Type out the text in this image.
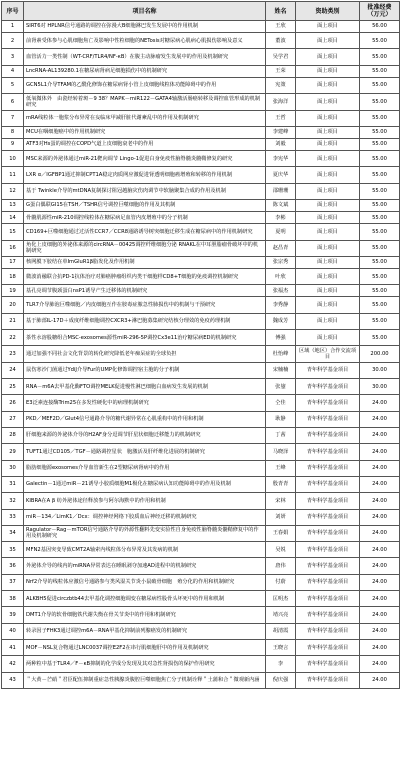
序号	项目名称	姓名	资助类别	批准经费（万元）
1	SIRT6对 HPLNR信号通路的调控在弥漫大B细胞淋巴发生发展中的作用机制	王欣	面上项目	56.00
2	前肾素受体参与心肌细胞焦亡及影响中性粒细胞的NETosis对糖尿病心肌病心肌损伤影响及意义	董波	面上项目	55.00
3	血管活力一类性制（WT-CRF/TLR4/NF-κB）在腹主动脉瘤发生发展中的作用及机制研究	吴学君	面上项目	55.00
4	LncRNA-AL139280.1在糖尿病肾病足细胞损伤中的机制研究	王荣	面上项目	55.00
5	GCN5L1介导TFAM的乙酰化修饰在糖尿病肾小管上皮细胞线粒体功能障碍中的作用	宪策	面上项目	55.00
6	低氧微体外　由瓷经转着斑－9 38？MAPK－miR122－GATA4轴激活肠癌转移及调控血管形成的机制研究	张海洋	面上项目	55.00
7	mRA线粒体一胞浆分布异常在妄临床甲减肝脏代谢紊乱中的作用及机制研究	王哲	面上项目	55.00
8	MCU在咽细胞癌中的作用机制研究	李建峰	面上项目	55.00
9	ATF3对Hs蛋的调控在COPD气道上皮细胞衰老中的作用	刘毅	面上项目	55.00
10	MSC来源的外泌体通过miR-21靶向调节 Lingo-1促进白身免疫性脑脊髓炎髓鞘修复的研究	李宪华	面上项目	55.00
11	LXR α／IGFBP1通过抑制CPT1A稳定肉质网应激促进肾透明细胞癌增殖和转移的作用机制	夏庆华	面上项目	55.00
12	基于 Twinkle介导的mtDNA复制探讨阻冠越脑灾伤肉调节中软脑聚集合成的作用及机制	邵珊珊	面上项目	55.00
13	G蛋白偶联GI15在TSH／TSHR信号调控巨噬细胞的作用及其机制	陈文斌	面上项目	55.00
14	骨髓肌源性miR-210调控线粒体在糖尿病足血管内皮增殖中的分子机制	李彬	面上项目	55.00
15	CD169+巨噬细胞通过过活性CCR7／CCR8通路诱导树突细胞迁移生成在糖尿病中的作用机制研究	夏明	面上项目	55.00
16	角化上皮细胞的外泌体来源的circRNA－00425调控纤维细胞分泌 RNAKL在中耳胆脂瘤骨破坏中的机制研究	赵昌青	面上项目	55.00
17	核网膜下胶结在单ImGluR1β脂发化及作用机制	张宗秀	面上项目	55.00
18	微波消融联合抗PD-1抗体治疗对肺癌肿瘤组织内类干细胞样CD8+T细胞的免疫调控机制研究	叶欣	面上项目	55.00
19	基孔亮调节腹颈蛋白nsP1诱导产生迁移体的机制研究	张福杰	面上项目	55.00
20	TLR7介导肺泡巨噬细胞／内皮细胞互作在胺毒症脓急性肺损伤中的机制与干预研究	李秀静	面上项目	55.00
21	基于肺部IL-17D＋成度纤维细胞调控CXCR3+淋巴胞募集研究结核分理效的免疫药理机制	魏成芳	面上项目	55.00
22	茶性水溶股糖组合MSC-exosomes源性miR-296-5P调控Cx3e11治疗糖尿病ED的机制研究	傅强	面上项目	55.00
23	通过加强不同社会文化背景的转化研究降低老年痴呆症的全球负担	杜怡峰	区域（地区）合作交流项目	200.00
24	鼠伤寒沙门菌通过YdiJ介导Fur的UMP化修饰调控宿主胞的分子机制	宋楠楠	青年科学基金项目	30.00
25	RNA－m6A去甲基化酶FTO调控MELK促进慢性淋巴细胞白血病发生发展的机制	张鋆	青年科学基金项目	30.00
26	E3泛素连接酶Trim25在多发性硬化中的病理机制研究	仝佳	青年科学基金项目	24.00
27	PKD／MEF2D／Glut4信号通路介导的糖代谢异常在心肌重构中的作用和机制	耿静	青年科学基金项目	24.00
28	肝细胞来源的外泌体介导的H2AF身分逗调节肝星状细胞迁移能力的机制研究	丁茜	青年科学基金项目	24.00
29	TUFT1通过CD105／TGF－通路调控星状　胞激活及肝纤维化进展的机制研究	马晓泽	青年科学基金项目	24.00
30	脂肪细胞源exosomes介导血管新生在2型糖尿病肾病中的作用	王峰	青年科学基金项目	24.00
31	Galectin－1通过miR－21诱导小胶质细胞M1极化在糖尿病认知功能障碍中的作用及机制	殷青青	青年科学基金项目	24.00
32	KIBRA在A β 纺外泌体途径释放参与阿尔海默中的作用和机制	宋林	青年科学基金项目	24.00
33	miR－134／LimK1／Dcx：调控神经网络下胶质血后神经迁移的机制研究	刘妍	青年科学基金项目	24.00
34	Ragulator－Rag－mTOR信号通路介导的外源性翻料先变实验性自身免疫性脑脊髓炎髓鞘修复中的作用及机制研究	王春娟	青年科学基金项目	24.00
35	MFN2基因突变导致CMT2A轴索内线粒体分布异常及其发病的机制	吴锐	青年科学基金项目	24.00
36	外泌体介导的线内的miRNA异常表达在睡眠剥夺加速AD进程中的机制研究	唐伟	青年科学基金项目	24.00
37	Nrf2介导的线粒体应激信号通路参与类风湿关节炎小鼠破骨细胞　殖分化的作用和机制研究	付蔚	青年科学基金项目	24.00
38	ALKBH5促进circzbtb44去甲基化调控细胞调变在糖尿病性股骨头坏死中的作用和机制	匡明杰	青年科学基金项目	24.00
39	DMT1介导的软骨细胞铁代谢失衡在骨关节炎中的作用和机制研究	靖兴亮	青年科学基金项目	24.00
40	转录因子FHK3通过调控m6A－RNA甲基化抑制前列腺癌发的机制研究	胡清霞	青年科学基金项目	24.00
41	MOF－NSL复合物通过LNC0037调控E2F2在串行肌细胞肝中的作用及机制研究	王晓言	青年科学基金项目	24.00
42	两种粒中基于TLR4／F－κB抑制的化学成分发现及其对急性肾损伤的保护作用研究	李	青年科学基金项目	24.00
43	＂大黄－芒硝＂君臣配伍抑制重症急性胰腺炎腹腔巨噬细胞焦亡分子机制诠释＂土蒲和合＂微观新内涵	倪庆强	青年科学基金项目	24.00
